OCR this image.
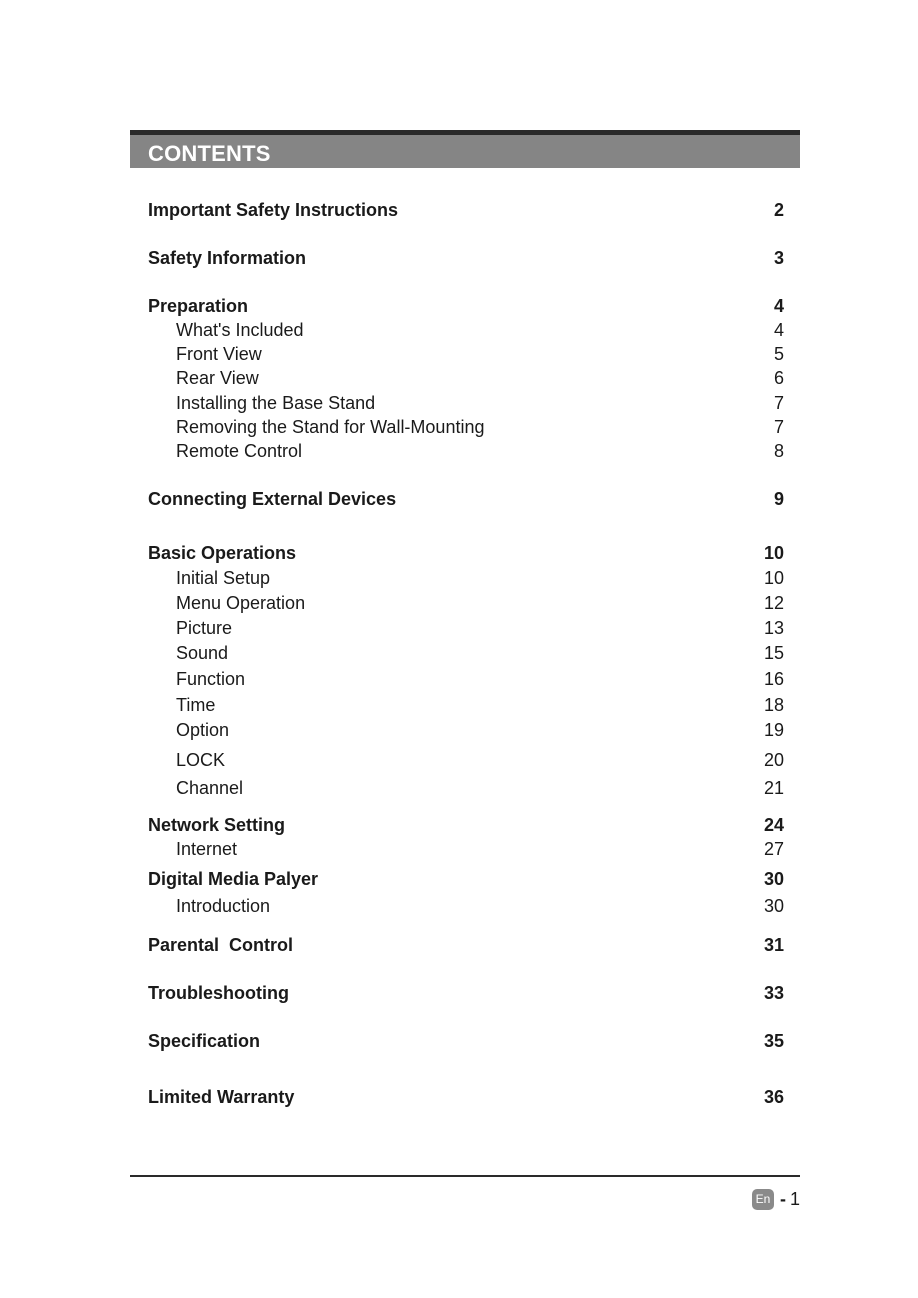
CONTENTS
Important Safety Instructions	2
Safety Information	3
Preparation	4
What's Included	4
Front View	5
Rear View	6
Installing the Base Stand	7
Removing the Stand for Wall-Mounting	7
Remote Control	8
Connecting External Devices	9
Basic Operations	10
Initial Setup	10
Menu Operation	12
Picture	13
Sound	15
Function	16
Time	18
Option	19
LOCK	20
Channel	21
Network Setting	24
Internet	27
Digital Media Palyer	30
Introduction	30
Parental  Control	31
Troubleshooting	33
Specification	35
Limited Warranty	36
En - 1
